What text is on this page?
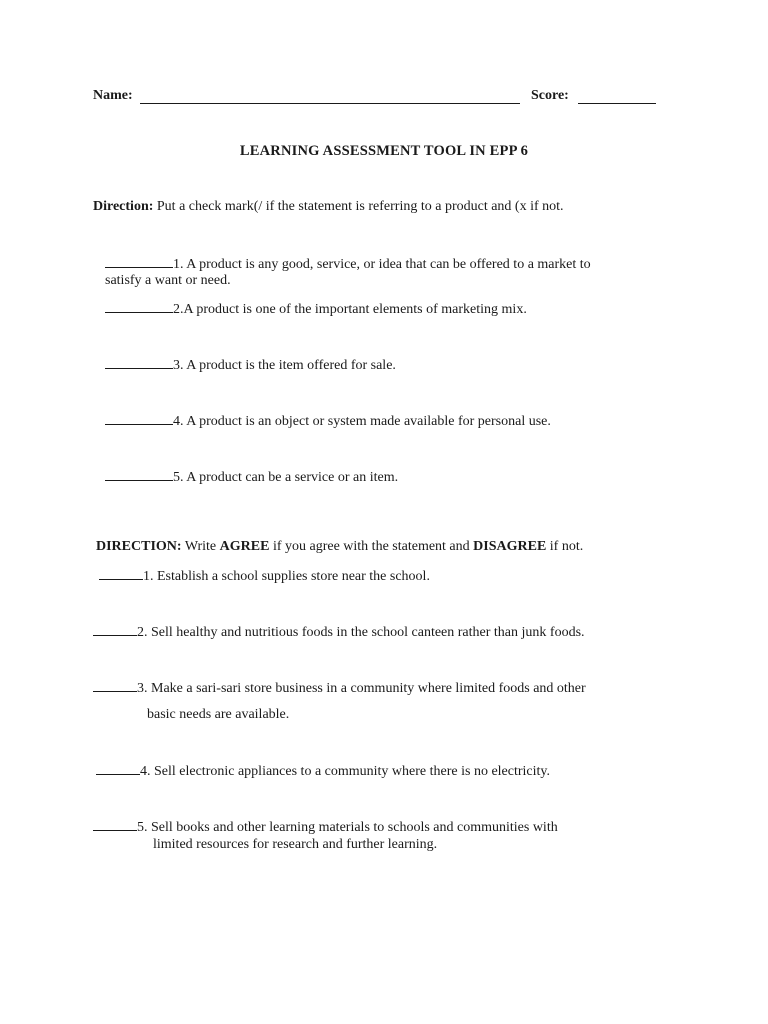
Name:	Score:
LEARNING ASSESSMENT TOOL IN EPP 6
Direction: Put a check mark(/ if the statement is referring to a product and (x if not.
1. A product is any good, service, or idea that can be offered to a market to
satisfy a want or need.
2.A product is one of the important elements of marketing mix.
3. A product is the item offered for sale.
4. A product is an object or system made available for personal use.
5. A product can be a service or an item.
DIRECTION: Write AGREE if you agree with the statement and DISAGREE if not.
1. Establish a school supplies store near the school.
2. Sell healthy and nutritious foods in the school canteen rather than junk foods.
3. Make a sari-sari store business in a community where limited foods and other
basic needs are available.
4. Sell electronic appliances to a community where there is no electricity.
5. Sell books and other learning materials to schools and communities with
limited resources for research and further learning.
